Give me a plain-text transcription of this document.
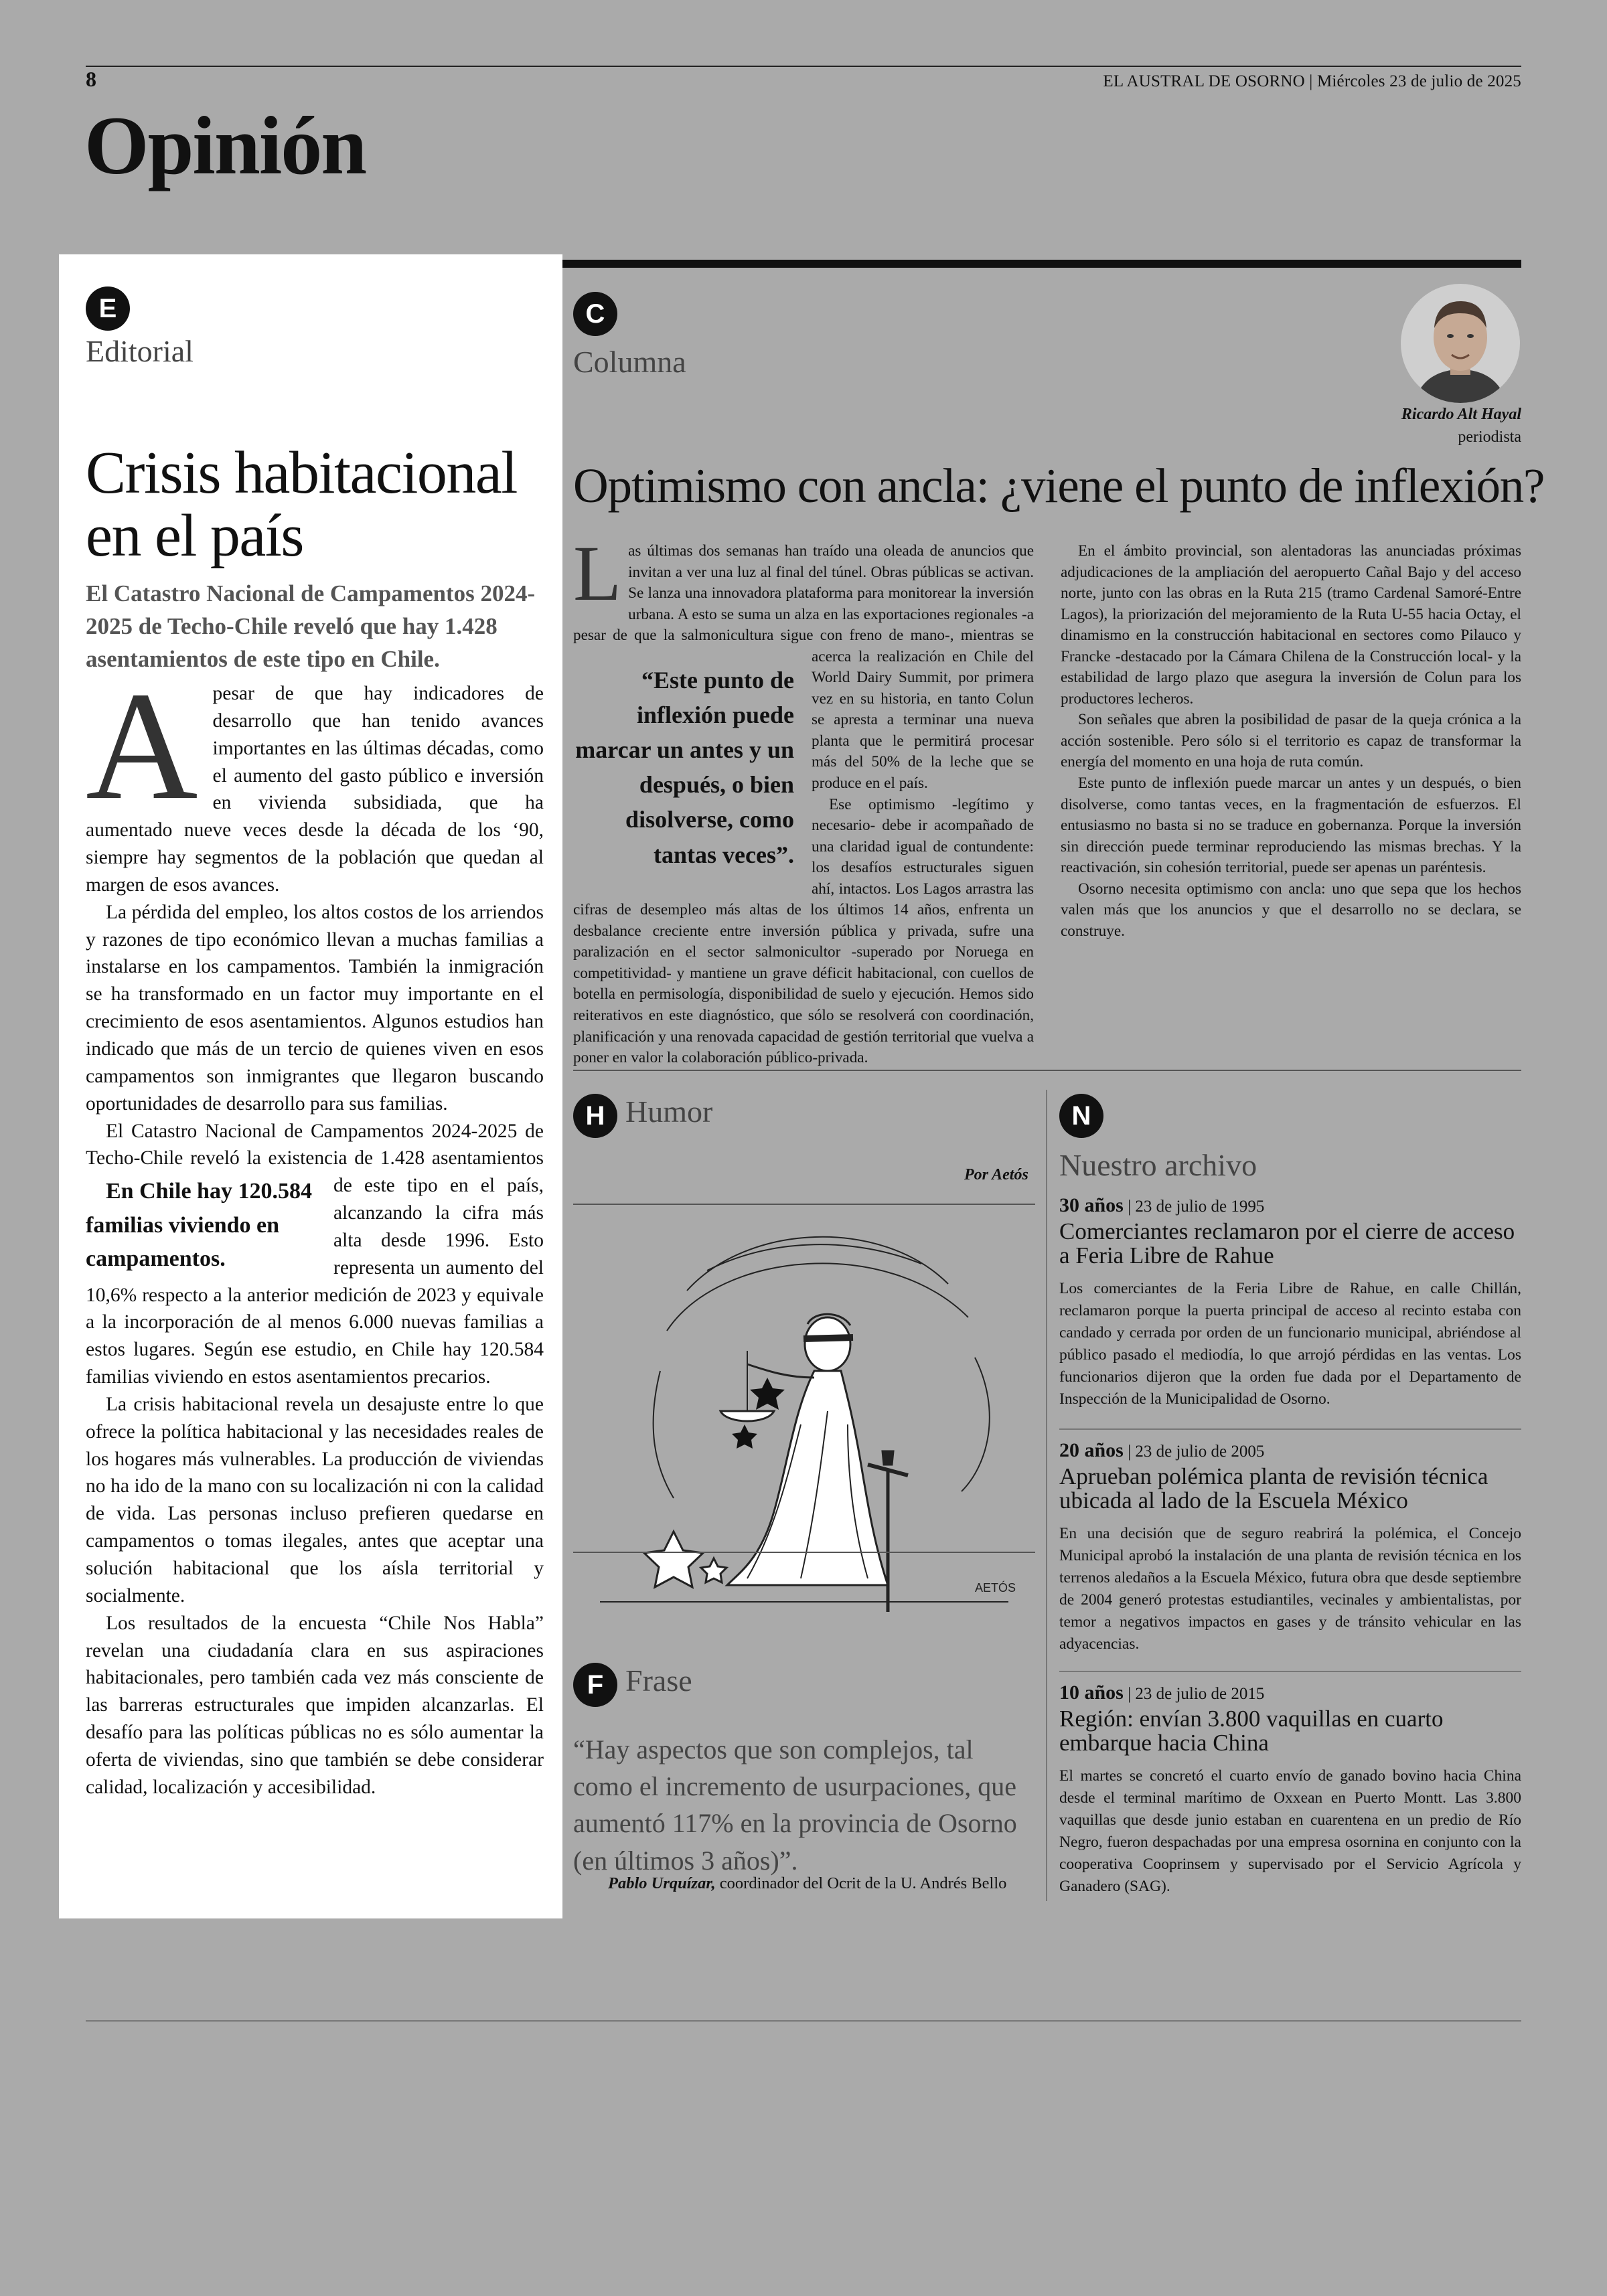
8	EL AUSTRAL DE OSORNO | Miércoles 23 de julio de 2025
Opinión
E
Editorial
Crisis habitacional en el país
El Catastro Nacional de Campamentos 2024-2025 de Techo-Chile reveló que hay 1.428 asentamientos de este tipo en Chile.

Apesar de que hay indicadores de desarrollo que han tenido avances importantes en las últimas décadas, como el aumento del gasto público e inversión en vivienda subsidiada, que ha aumentado nueve veces desde la década de los ‘90, siempre hay segmentos de la población que quedan al margen de esos avances.

La pérdida del empleo, los altos costos de los arriendos y razones de tipo económico llevan a muchas familias a instalarse en los campamentos. También la inmigración se ha transformado en un factor muy importante en el crecimiento de esos asentamientos. Algunos estudios han indicado que más de un tercio de quienes viven en esos campamentos son inmigrantes que llegaron buscando oportunidades de desarrollo para sus familias.

El Catastro Nacional de Campamentos 2024-2025 de Techo-Chile reveló la existencia de 1.428 asentamientos de este tipo en
En Chile hay 120.584 familias viviendo en campamentos.
el país, alcanzando la cifra más alta desde 1996. Esto representa un aumento del 10,6% respecto a la anterior medición de 2023 y equivale a la incorporación de al menos 6.000 nuevas familias a estos lugares. Según ese estudio, en Chile hay 120.584 familias viviendo en estos asentamientos precarios.

La crisis habitacional revela un desajuste entre lo que ofrece la política habitacional y las necesidades reales de los hogares más vulnerables. La producción de viviendas no ha ido de la mano con su localización ni con la calidad de vida. Las personas incluso prefieren quedarse en campamentos o tomas ilegales, antes que aceptar una solución habitacional que los aísla territorial y socialmente.

Los resultados de la encuesta “Chile Nos Habla” revelan una ciudadanía clara en sus aspiraciones habitacionales, pero también cada vez más consciente de las barreras estructurales que impiden alcanzarlas. El desafío para las políticas públicas no es sólo aumentar la oferta de viviendas, sino que también se debe considerar calidad, localización y accesibilidad.

C
Columna
Ricardo Alt Hayal
periodista
Optimismo con ancla: ¿viene el punto de inflexión?

Las últimas dos semanas han traído una oleada de anuncios que invitan a ver una luz al final del túnel. Obras públicas se activan. Se lanza una innovadora plataforma para monitorear la inversión urbana. A esto se suma un alza en las exportaciones regionales -a pesar de que la salmonicultura sigue con freno de
“Este punto de inflexión puede marcar un antes y un después, o bien disolverse, como tantas veces”.
mano-, mientras se acerca la realización en Chile del World Dairy Summit, por primera vez en su historia, en tanto Colun se apresta a terminar una nueva planta que le permitirá procesar más del 50% de la leche que se produce en el país.

Ese optimismo -legítimo y necesario- debe ir acompañado de una claridad igual de contundente: los desafíos estructurales siguen ahí, intactos. Los Lagos arrastra las cifras de desempleo más altas de los últimos 14 años, enfrenta un desbalance creciente entre inversión pública y privada, sufre una paralización en el sector salmonicultor -superado por Noruega en competitividad- y mantiene un grave déficit habitacional, con cuellos de botella en permisología, disponibilidad de suelo y ejecución. Hemos sido reiterativos en este diagnóstico, que sólo se resolverá con coordinación, planificación y una renovada capacidad de gestión territorial que vuelva a poner en valor la colaboración público-privada.

En el ámbito provincial, son alentadoras las anunciadas próximas adjudicaciones de la ampliación del aeropuerto Cañal Bajo y del acceso norte, junto con las obras en la Ruta 215 (tramo Cardenal Samoré-Entre Lagos), la priorización del mejoramiento de la Ruta U-55 hacia Octay, el dinamismo en la construcción habitacional en sectores como Pilauco y Francke -destacado por la Cámara Chilena de la Construcción local- y la estabilidad de largo plazo que asegura la inversión de Colun para los productores lecheros.

Son señales que abren la posibilidad de pasar de la queja crónica a la acción sostenible. Pero sólo si el territorio es capaz de transformar la energía del momento en una hoja de ruta común.

Este punto de inflexión puede marcar un antes y un después, o bien disolverse, como tantas veces, en la fragmentación de esfuerzos. El entusiasmo no basta si no se traduce en gobernanza. Porque la inversión sin dirección puede terminar reproduciendo las mismas brechas. Y la reactivación, sin cohesión territorial, puede ser apenas un paréntesis.

Osorno necesita optimismo con ancla: uno que sepa que los hechos valen más que los anuncios y que el desarrollo no se declara, se construye.

H Humor
Por Aetós
AETÓS
F Frase
“Hay aspectos que son complejos, tal como el incremento de usurpaciones, que aumentó 117% en la provincia de Osorno (en últimos 3 años)”.
Pablo Urquízar, coordinador del Ocrit de la U. Andrés Bello
N
Nuestro archivo
30 años | 23 de julio de 1995
Comerciantes reclamaron por el cierre de acceso a Feria Libre de Rahue

Los comerciantes de la Feria Libre de Rahue, en calle Chillán, reclamaron porque la puerta principal de acceso al recinto estaba con candado y cerrada por orden de un funcionario municipal, abriéndose al público pasado el mediodía, lo que arrojó pérdidas en las ventas. Los funcionarios dijeron que la orden fue dada por el Departamento de Inspección de la Municipalidad de Osorno.

20 años | 23 de julio de 2005
Aprueban polémica planta de revisión técnica ubicada al lado de la Escuela México

En una decisión que de seguro reabrirá la polémica, el Concejo Municipal aprobó la instalación de una planta de revisión técnica en los terrenos aledaños a la Escuela México, futura obra que desde septiembre de 2004 generó protestas estudiantiles, vecinales y ambientalistas, por temor a negativos impactos en gases y de tránsito vehicular en las adyacencias.

10 años | 23 de julio de 2015
Región: envían 3.800 vaquillas en cuarto embarque hacia China

El martes se concretó el cuarto envío de ganado bovino hacia China desde el terminal marítimo de Oxxean en Puerto Montt. Las 3.800 vaquillas que desde junio estaban en cuarentena en un predio de Río Negro, fueron despachadas por una empresa osornina en conjunto con la cooperativa Cooprinsem y supervisado por el Servicio Agrícola y Ganadero (SAG).
